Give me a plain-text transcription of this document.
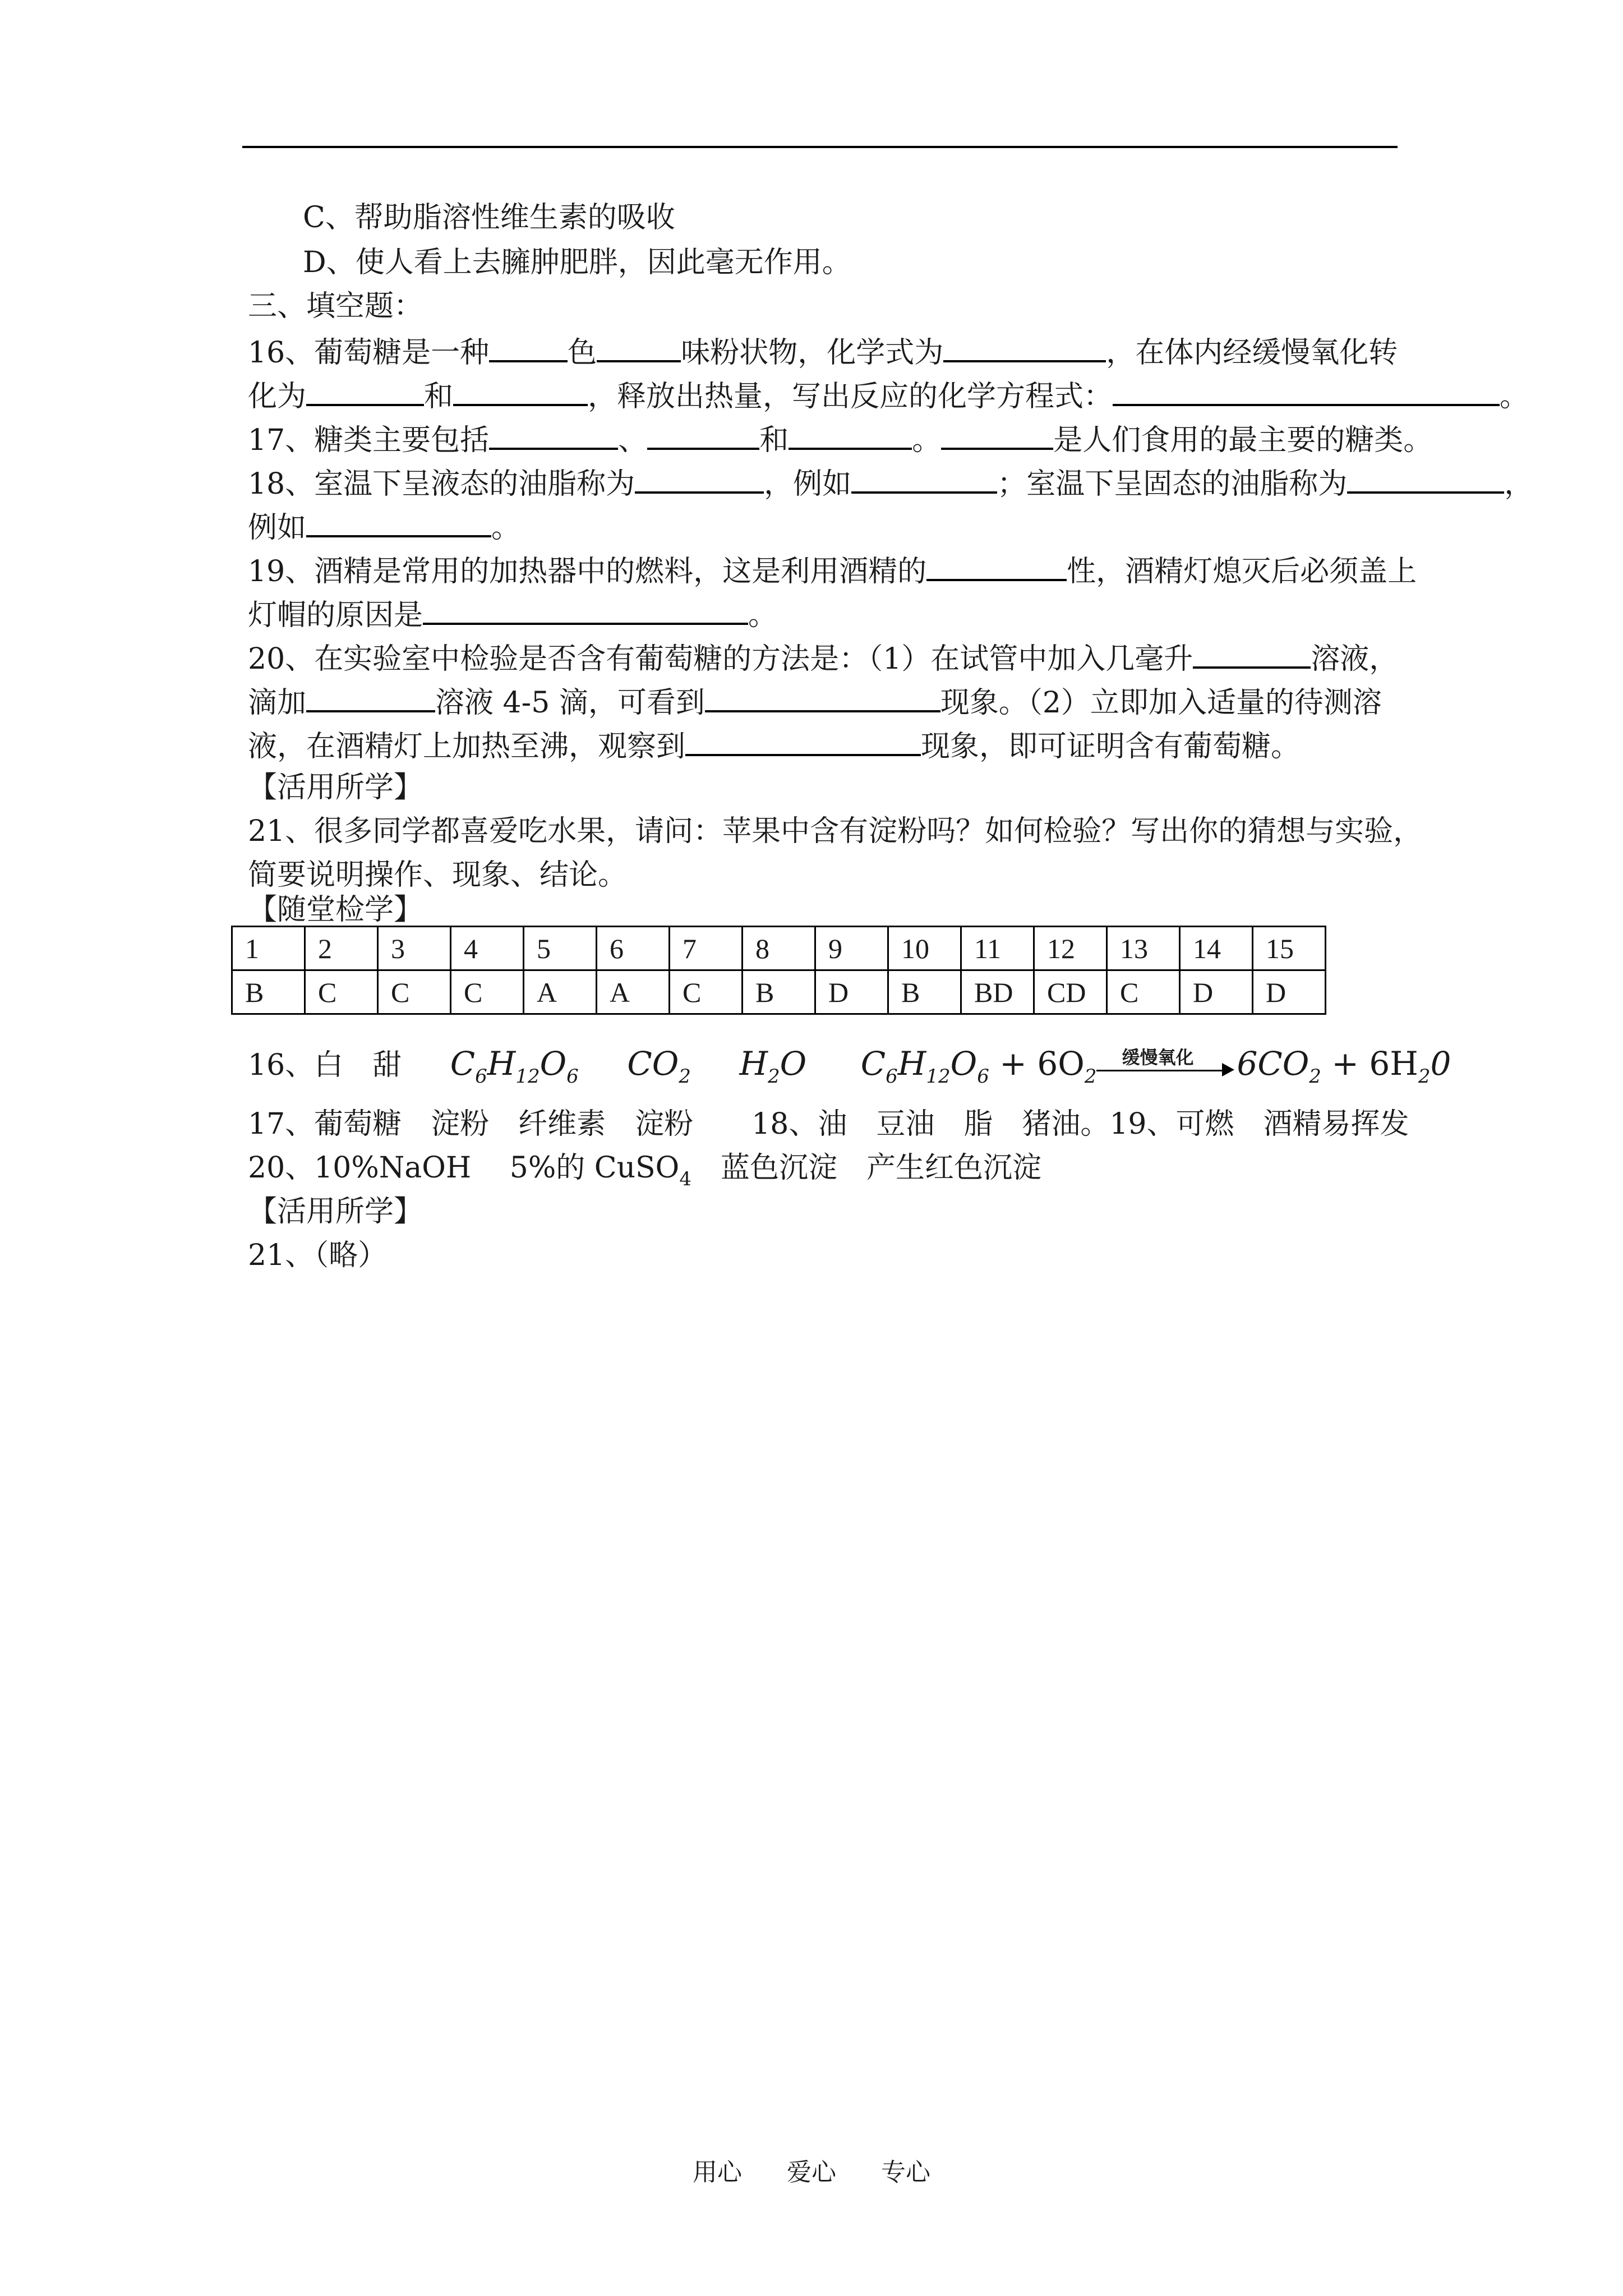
C、帮助脂溶性维生素的吸收
D、使人看上去臃肿肥胖，因此毫无作用。
三、填空题：
16、葡萄糖是一种	色	味粉状物，化学式为	，在体内经缓慢氧化转
化为	和	，释放出热量，写出反应的化学方程式：	。
17、糖类主要包括	、	和	。	是人们食用的最主要的糖类。
18、室温下呈液态的油脂称为	，例如	；室温下呈固态的油脂称为	，
例如	。
19、酒精是常用的加热器中的燃料，这是利用酒精的	性，酒精灯熄灭后必须盖上
灯帽的原因是	。
20、在实验室中检验是否含有葡萄糖的方法是：（1）在试管中加入几毫升	溶液，
滴加	溶液 4-5 滴，可看到	现象。（2）立即加入适量的待测溶
液，在酒精灯上加热至沸，观察到	现象，即可证明含有葡萄糖。
【活用所学】
21、很多同学都喜爱吃水果，请问：苹果中含有淀粉吗？如何检验？写出你的猜想与实验，
简要说明操作、现象、结论。
【随堂检学】
1	2	3	4	5	6	7	8	9	10	11	12	13	14	15
B	C	C	C	A	A	C	B	D	B	BD	CD	C	D	D
16、白　甜 $C_6H_{12}O_6$ $CO_2$ $H_2O$ $C_6H_{12}O_6 + 6O_2$
缓慢氧化 $6CO_2 + 6H_20$
17、葡萄糖　淀粉　纤维素　淀粉　　18、油　豆油　脂　猪油。19、可燃　酒精易挥发
20、10%NaOH　 5%的 CuSO$_4$　蓝色沉淀　产生红色沉淀
【活用所学】
21、（略）
用心 爱心 专心
